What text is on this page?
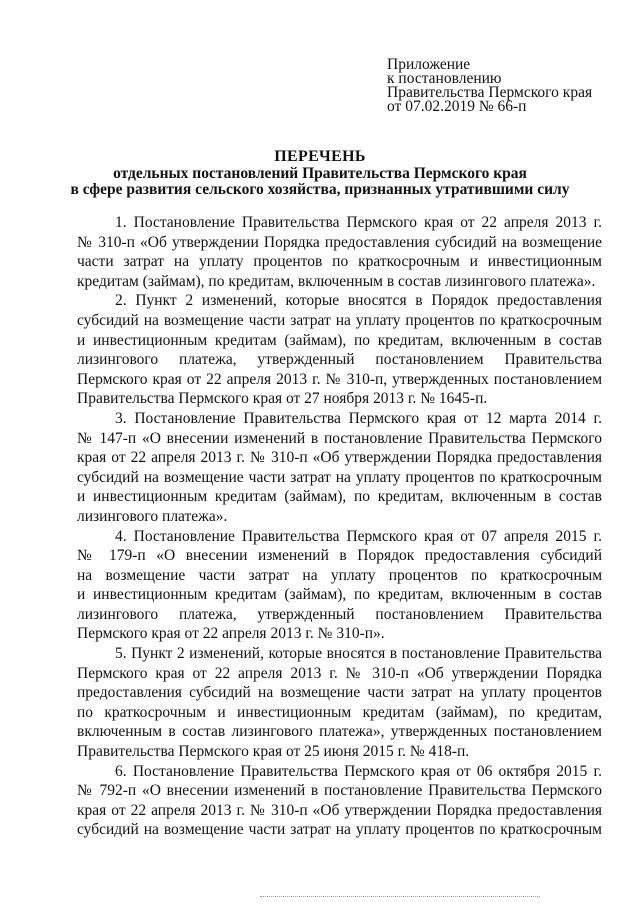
Приложение
к постановлению
Правительства Пермского края
от 07.02.2019 № 66-п
ПЕРЕЧЕНЬ
отдельных постановлений Правительства Пермского края
в сфере развития сельского хозяйства, признанных утратившими силу
1. Постановление Правительства Пермского края от 22 апреля 2013 г.
№ 310-п «Об утверждении Порядка предоставления субсидий на возмещение
части затрат на уплату процентов по краткосрочным и инвестиционным
кредитам (займам), по кредитам, включенным в состав лизингового платежа».
2. Пункт 2 изменений, которые вносятся в Порядок предоставления
субсидий на возмещение части затрат на уплату процентов по краткосрочным
и инвестиционным кредитам (займам), по кредитам, включенным в состав
лизингового платежа, утвержденный постановлением Правительства
Пермского края от 22 апреля 2013 г. № 310-п, утвержденных постановлением
Правительства Пермского края от 27 ноября 2013 г. № 1645-п.
3. Постановление Правительства Пермского края от 12 марта 2014 г.
№ 147-п «О внесении изменений в постановление Правительства Пермского
края от 22 апреля 2013 г. № 310-п «Об утверждении Порядка предоставления
субсидий на возмещение части затрат на уплату процентов по краткосрочным
и инвестиционным кредитам (займам), по кредитам, включенным в состав
лизингового платежа».
4. Постановление Правительства Пермского края от 07 апреля 2015 г.
№ 179-п «О внесении изменений в Порядок предоставления субсидий
на возмещение части затрат на уплату процентов по краткосрочным
и инвестиционным кредитам (займам), по кредитам, включенным в состав
лизингового платежа, утвержденный постановлением Правительства
Пермского края от 22 апреля 2013 г. № 310-п».
5. Пункт 2 изменений, которые вносятся в постановление Правительства
Пермского края от 22 апреля 2013 г. № 310-п «Об утверждении Порядка
предоставления субсидий на возмещение части затрат на уплату процентов
по краткосрочным и инвестиционным кредитам (займам), по кредитам,
включенным в состав лизингового платежа», утвержденных постановлением
Правительства Пермского края от 25 июня 2015 г. № 418-п.
6. Постановление Правительства Пермского края от 06 октября 2015 г.
№ 792-п «О внесении изменений в постановление Правительства Пермского
края от 22 апреля 2013 г. № 310-п «Об утверждении Порядка предоставления
субсидий на возмещение части затрат на уплату процентов по краткосрочным
